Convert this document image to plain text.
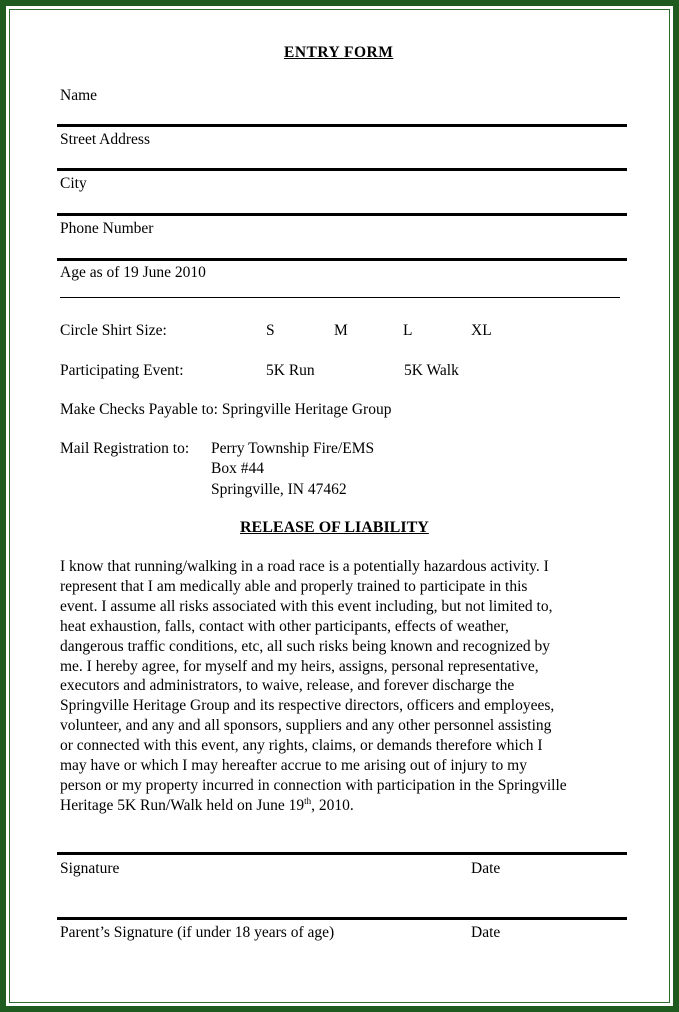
ENTRY FORM
Name
Street Address
City
Phone Number
Age as of 19 June 2010
Circle Shirt Size:	S	M	L	XL
Participating Event:	5K Run	5K Walk
Make Checks Payable to: Springville Heritage Group
Mail Registration to: Perry Township Fire/EMS
Box #44
Springville, IN 47462
RELEASE OF LIABILITY
I know that running/walking in a road race is a potentially hazardous activity. I
represent that I am medically able and properly trained to participate in this
event. I assume all risks associated with this event including, but not limited to,
heat exhaustion, falls, contact with other participants, effects of weather,
dangerous traffic conditions, etc, all such risks being known and recognized by
me. I hereby agree, for myself and my heirs, assigns, personal representative,
executors and administrators, to waive, release, and forever discharge the
Springville Heritage Group and its respective directors, officers and employees,
volunteer, and any and all sponsors, suppliers and any other personnel assisting
or connected with this event, any rights, claims, or demands therefore which I
may have or which I may hereafter accrue to me arising out of injury to my
person or my property incurred in connection with participation in the Springville
Heritage 5K Run/Walk held on June 19th, 2010.
Signature	Date
Parent’s Signature (if under 18 years of age)	Date
